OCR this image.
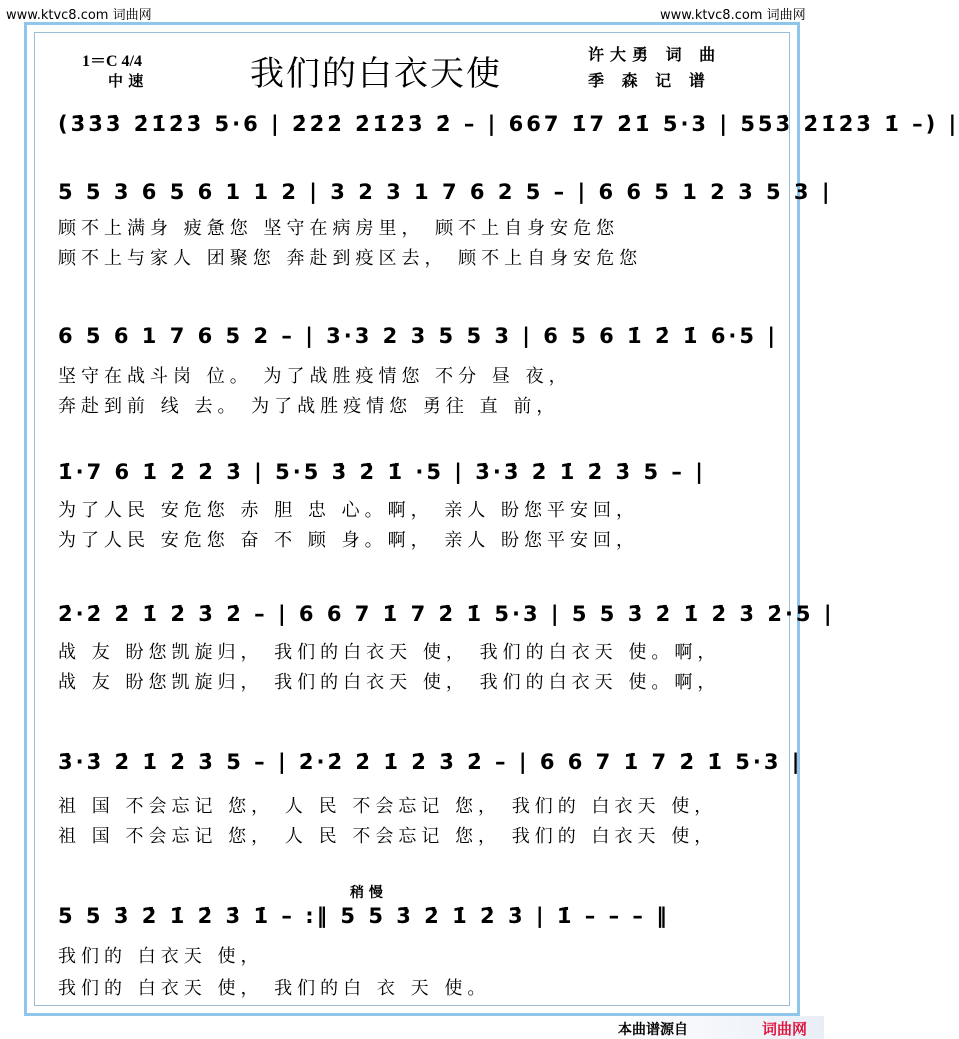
www.ktvc8.com 词曲网	www.ktvc8.com 词曲网
1＝C 4/4
中 速	我们的白衣天使	许大勇 词 曲
季 森 记 谱
(3̇3̇3̇ 2̇1̇2̇3̇ 5·6 | 2̇2̇2̇ 2̇1̇2̇3̇ 2̇ – | 667 1̇7 2̇1̇ 5·3 | 553̇ 2̇1̇2̇3̇ 1̇ –) |
5 5 3 6 5 6 1 1 2 | 3 2 3 1 7 6 2 5 – | 6 6 5 1 2 3 5 3 |
顾不上满身 疲惫您 坚守在病房里， 顾不上自身安危您
顾不上与家人 团聚您 奔赴到疫区去， 顾不上自身安危您
6 5 6 1 7 6 5 2 – | 3·3 2 3 5 5 3 | 6 5 6 1̇ 2̇ 1̇ 6·5 |
坚守在战斗岗 位。 为了战胜疫情您 不分 昼 夜，
奔赴到前 线 去。 为了战胜疫情您 勇往 直 前，
1̇·7 6 1̇ 2̇ 2̇ 3̇ | 5·5 3̇ 2̇ 1̇ ·5 | 3̇·3̇ 2̇ 1̇ 2̇ 3̇ 5 – |
为了人民 安危您 赤 胆 忠 心。啊， 亲人 盼您平安回，
为了人民 安危您 奋 不 顾 身。啊， 亲人 盼您平安回，
2̇·2̇ 2̇ 1̇ 2̇ 3̇ 2̇ – | 6 6 7 1̇ 7 2̇ 1̇ 5·3 | 5 5 3̇ 2̇ 1̇ 2̇ 3̇ 2̇·5 |
战 友 盼您凯旋归， 我们的白衣天 使， 我们的白衣天 使。啊，
战 友 盼您凯旋归， 我们的白衣天 使， 我们的白衣天 使。啊，
3̇·3̇ 2̇ 1̇ 2̇ 3̇ 5 – | 2̇·2̇ 2̇ 1̇ 2̇ 3̇ 2̇ – | 6 6 7 1̇ 7 2̇ 1̇ 5·3 |
祖 国 不会忘记 您， 人 民 不会忘记 您， 我们的 白衣天 使，
祖 国 不会忘记 您， 人 民 不会忘记 您， 我们的 白衣天 使，
稍 慢
5 5 3̇ 2̇ 1̇ 2̇ 3̇ 1̇ – :‖ 5 5 3̇ 2̇ 1̇ 2̇ 3̇ | 1̇ – – – ‖
我们的 白衣天 使，
我们的 白衣天 使， 我们的白 衣 天 使。
本曲谱源自	词曲网
